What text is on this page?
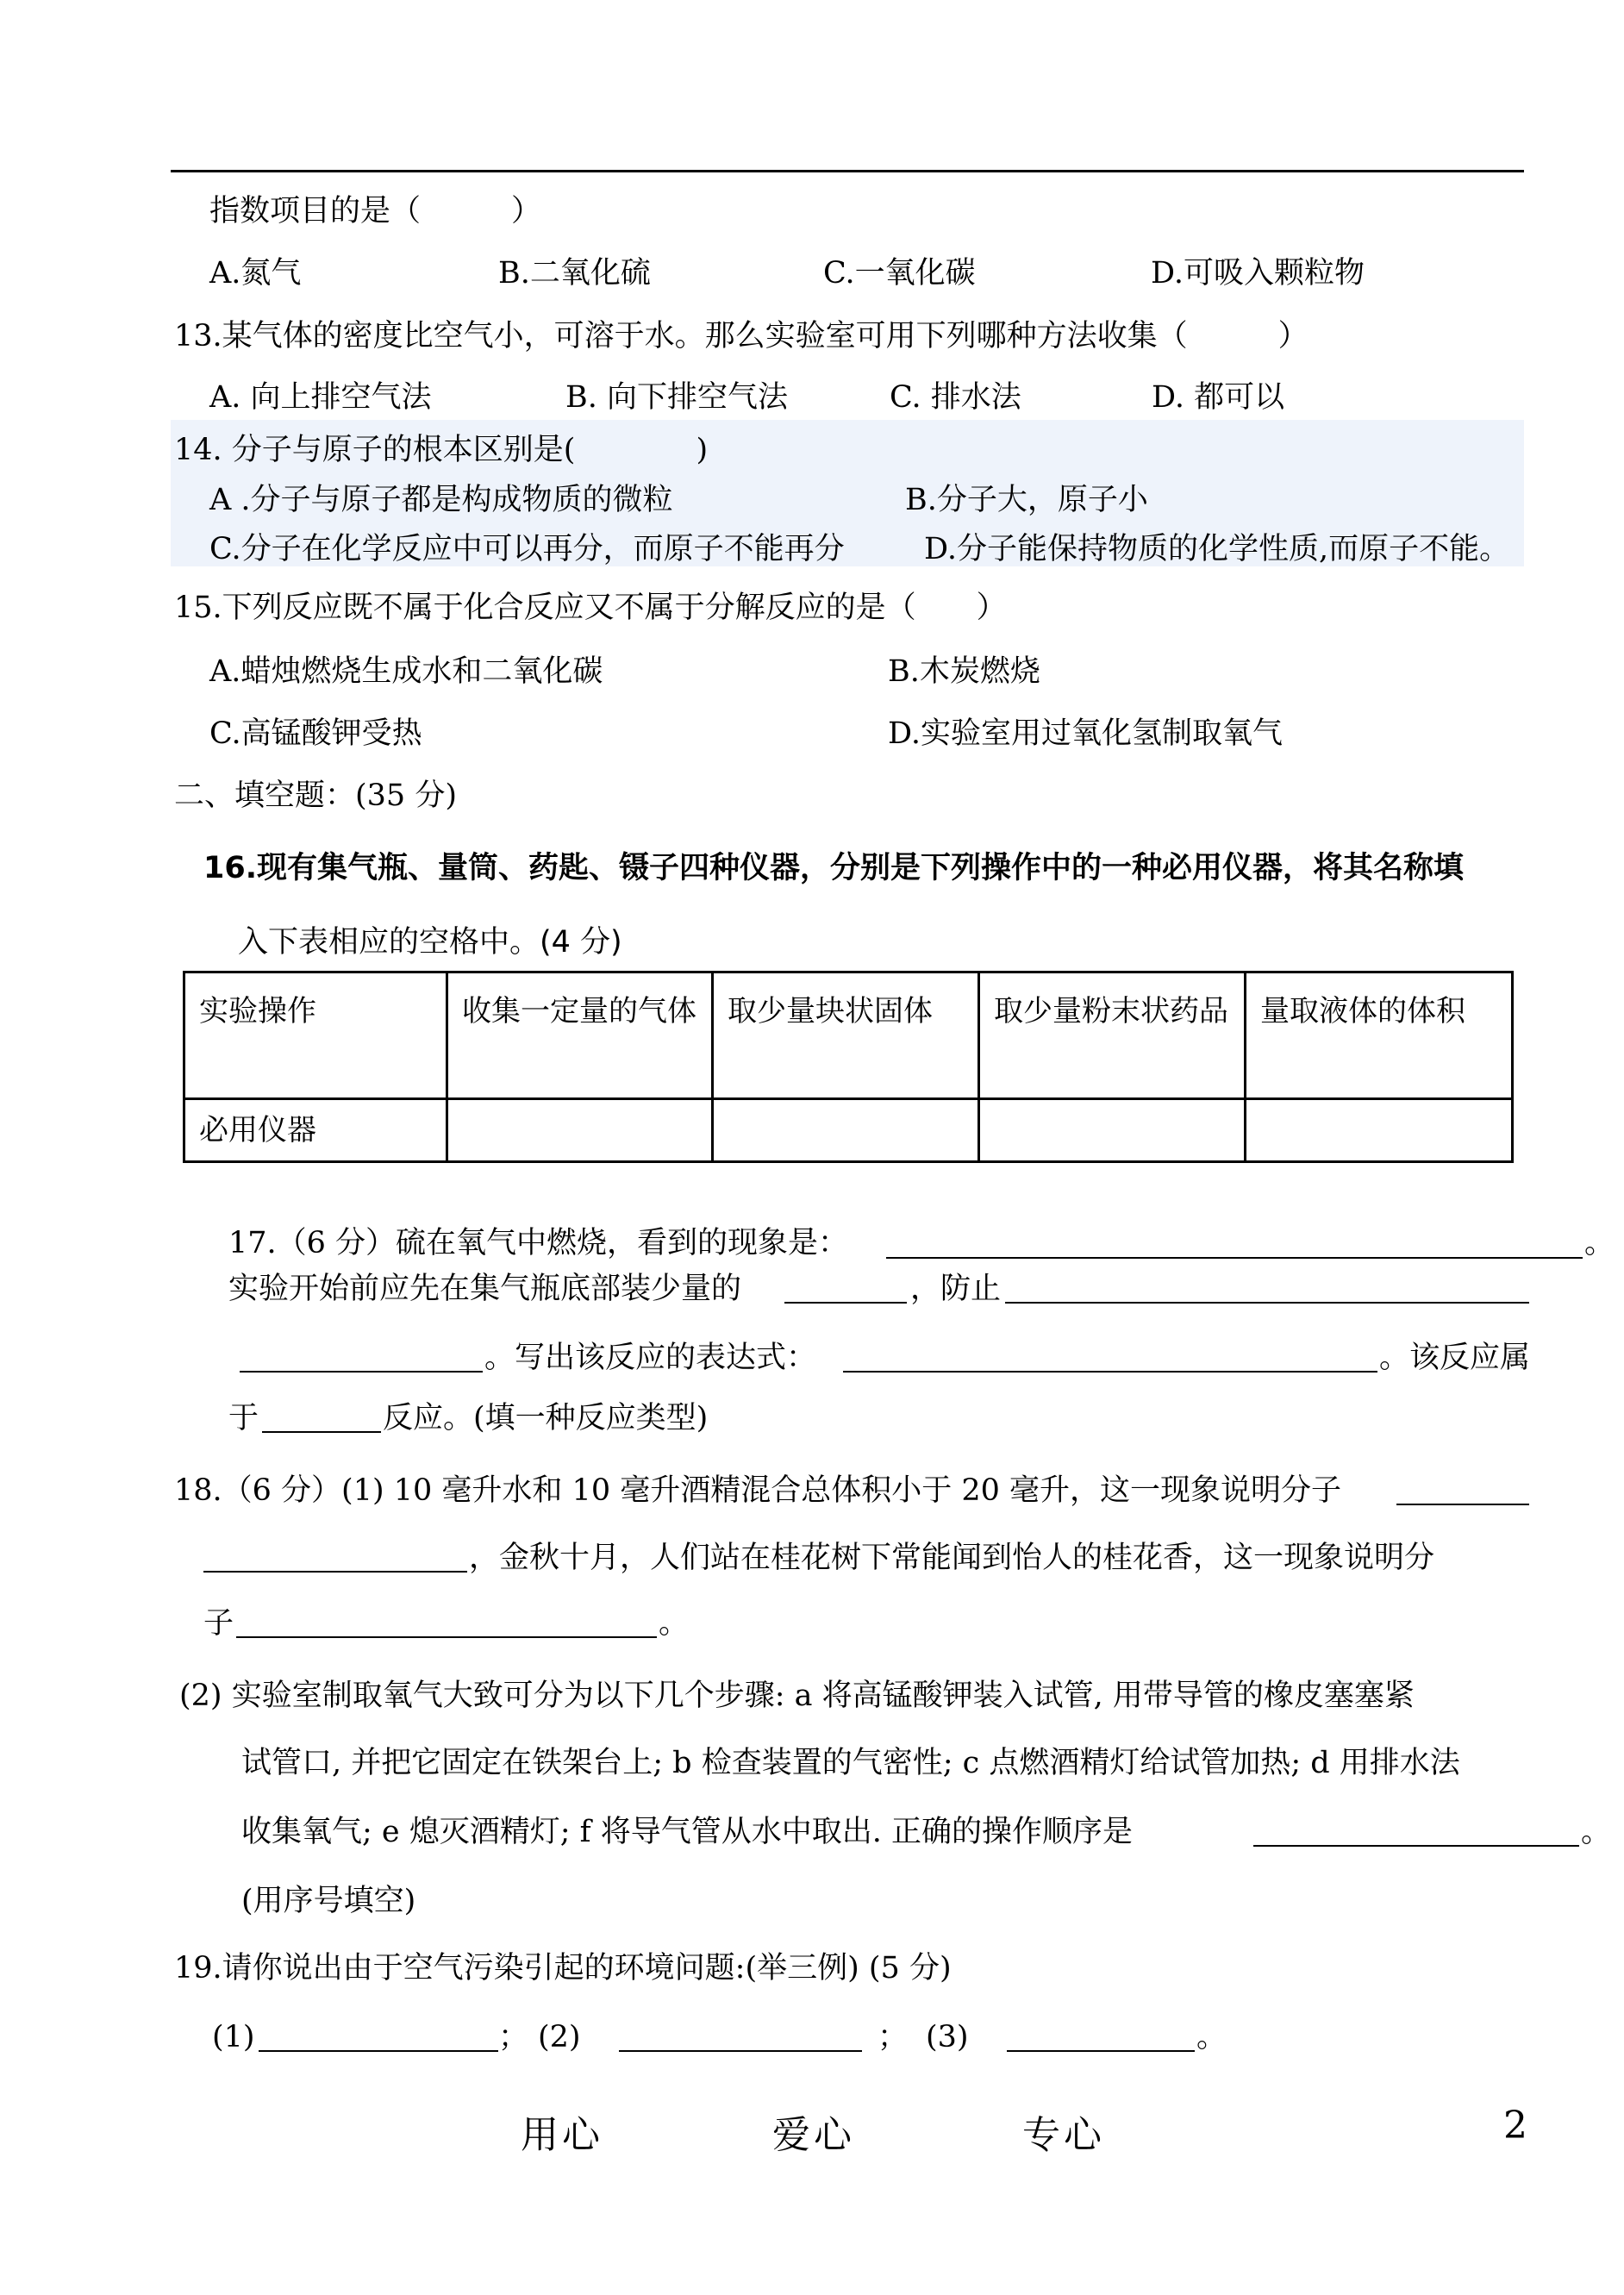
指数项目的是（　　　）
A.氮气	B.二氧化硫	C.一氧化碳	D.可吸入颗粒物
13.某气体的密度比空气小，可溶于水。那么实验室可用下列哪种方法收集（　　　）
A. 向上排空气法	B. 向下排空气法	C. 排水法	D. 都可以
14. 分子与原子的根本区别是(　　　　)
A .分子与原子都是构成物质的微粒	B.分子大，原子小
C.分子在化学反应中可以再分，而原子不能再分	D.分子能保持物质的化学性质,而原子不能。
15.下列反应既不属于化合反应又不属于分解反应的是（　　）
A.蜡烛燃烧生成水和二氧化碳	B.木炭燃烧
C.高锰酸钾受热	D.实验室用过氧化氢制取氧气
二、填空题：(35 分)
16.现有集气瓶、量筒、药匙、镊子四种仪器，分别是下列操作中的一种必用仪器，将其名称填
入下表相应的空格中。(4 分)
实验操作	收集一定量的气体	取少量块状固体	取少量粉末状药品	量取液体的体积
必用仪器				
17.（6 分）硫在氧气中燃烧，看到的现象是：	。
实验开始前应先在集气瓶底部装少量的	，防止
。写出该反应的表达式：	。该反应属
于	反应。(填一种反应类型)
18.（6 分）(1) 10 毫升水和 10 毫升酒精混合总体积小于 20 毫升，这一现象说明分子
，金秋十月，人们站在桂花树下常能闻到怡人的桂花香，这一现象说明分
子	。
(2) 实验室制取氧气大致可分为以下几个步骤: a 将高锰酸钾装入试管, 用带导管的橡皮塞塞紧
试管口, 并把它固定在铁架台上; b 检查装置的气密性; c 点燃酒精灯给试管加热; d 用排水法
收集氧气; e 熄灭酒精灯; f 将导气管从水中取出. 正确的操作顺序是	。
(用序号填空)
19.请你说出由于空气污染引起的环境问题:(举三例) (5 分)
(1)	； (2)	； (3)	。
用心	爱心	专心	2
